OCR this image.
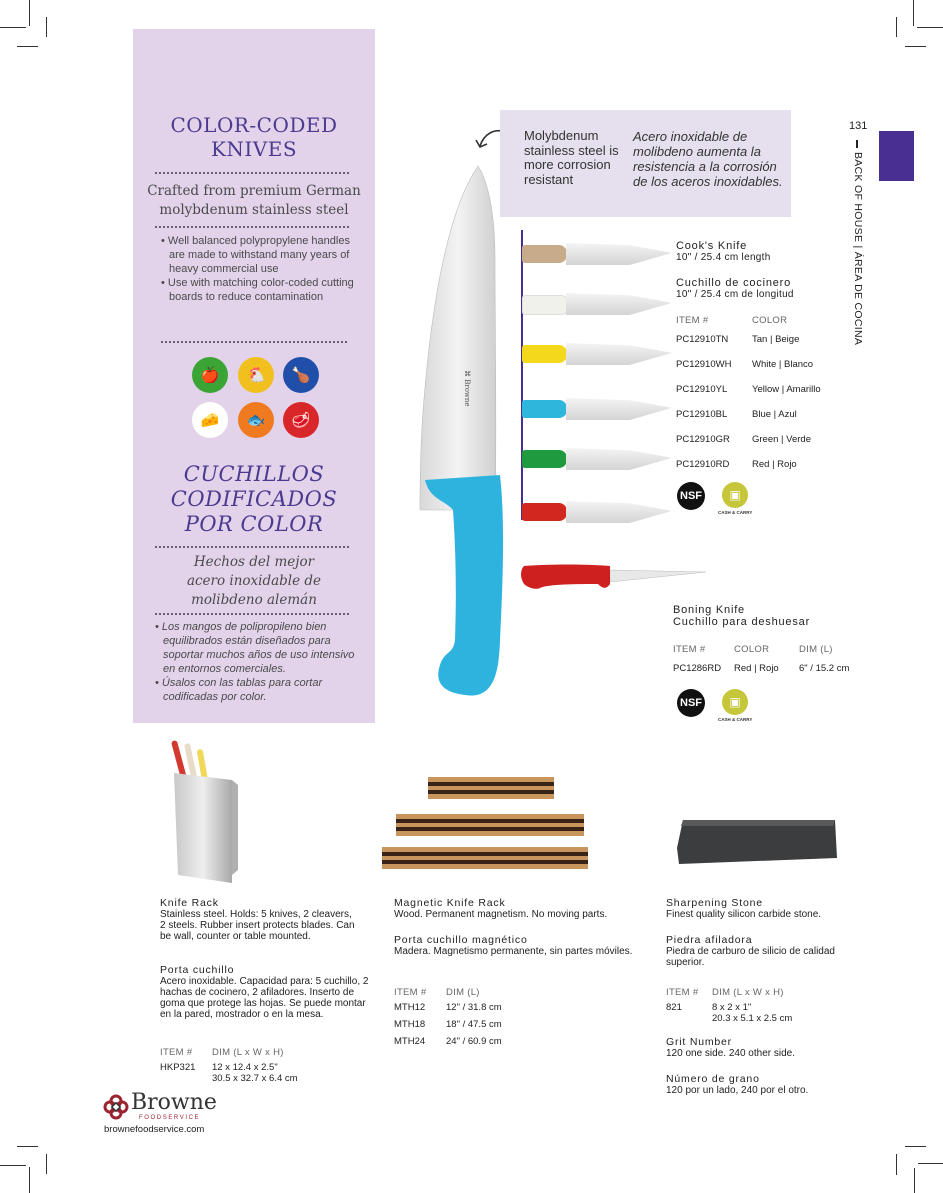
COLOR-CODED
KNIVES
Crafted from premium German
molybdenum stainless steel
• Well balanced polypropylene handles are made to withstand many years of heavy commercial use
• Use with matching color-coded cutting boards to reduce contamination
🍎 🐔 🍗
🧀 🐟 🥩
CUCHILLOS
CODIFICADOS
POR COLOR
Hechos del mejor
acero inoxidable de
molibdeno alemán
• Los mangos de polipropileno bien equilibrados están diseñados para soportar muchos años de uso intensivo en entornos comerciales.
• Úsalos con las tablas para cortar codificadas por color.
⌘ Browne
Molybdenum stainless steel is more corrosion resistant
Acero inoxidable de molibdeno aumenta la resistencia a la corrosión de los aceros inoxidables.
131
BACK OF HOUSE | ÁREA DE COCINA
Cook's Knife
10" / 25.4 cm length
Cuchillo de cocinero
10" / 25.4 cm de longitud
ITEM #	COLOR
PC12910TN Tan | Beige
PC12910WH White | Blanco
PC12910YL	Yellow | Amarillo
PC12910BL	Blue | Azul
PC12910GR Green | Verde
PC12910RD Red | Rojo
NSF	▣
CASH & CARRY
Boning Knife
Cuchillo para deshuesar
ITEM #	COLOR	DIM (L)
PC1286RD Red | Rojo 6" / 15.2 cm
NSF	▣
CASH & CARRY
Knife Rack
Stainless steel. Holds: 5 knives, 2 cleavers, 2 steels. Rubber insert protects blades. Can be wall, counter or table mounted.
Porta cuchillo
Acero inoxidable. Capacidad para: 5 cuchillo, 2 hachas de cocinero, 2 afiladores. Inserto de goma que protege las hojas. Se puede montar en la pared, mostrador o en la mesa.
ITEM # DIM (L x W x H)
HKP321 12 x 12.4 x 2.5"
30.5 x 32.7 x 6.4 cm
Magnetic Knife Rack
Wood. Permanent magnetism. No moving parts.
Porta cuchillo magnético
Madera. Magnetismo permanente, sin partes móviles.
ITEM # DIM (L)
MTH12 12" / 31.8 cm
MTH18 18" / 47.5 cm
MTH24 24" / 60.9 cm
Sharpening Stone
Finest quality silicon carbide stone.
Piedra afiladora
Piedra de carburo de silicio de calidad superior.
ITEM # DIM (L x W x H)
821	8 x 2 x 1"
20.3 x 5.1 x 2.5 cm
Grit Number
120 one side. 240 other side.
Número de grano
120 por un lado, 240 por el otro.
Browne
FOODSERVICE
brownefoodservice.com
